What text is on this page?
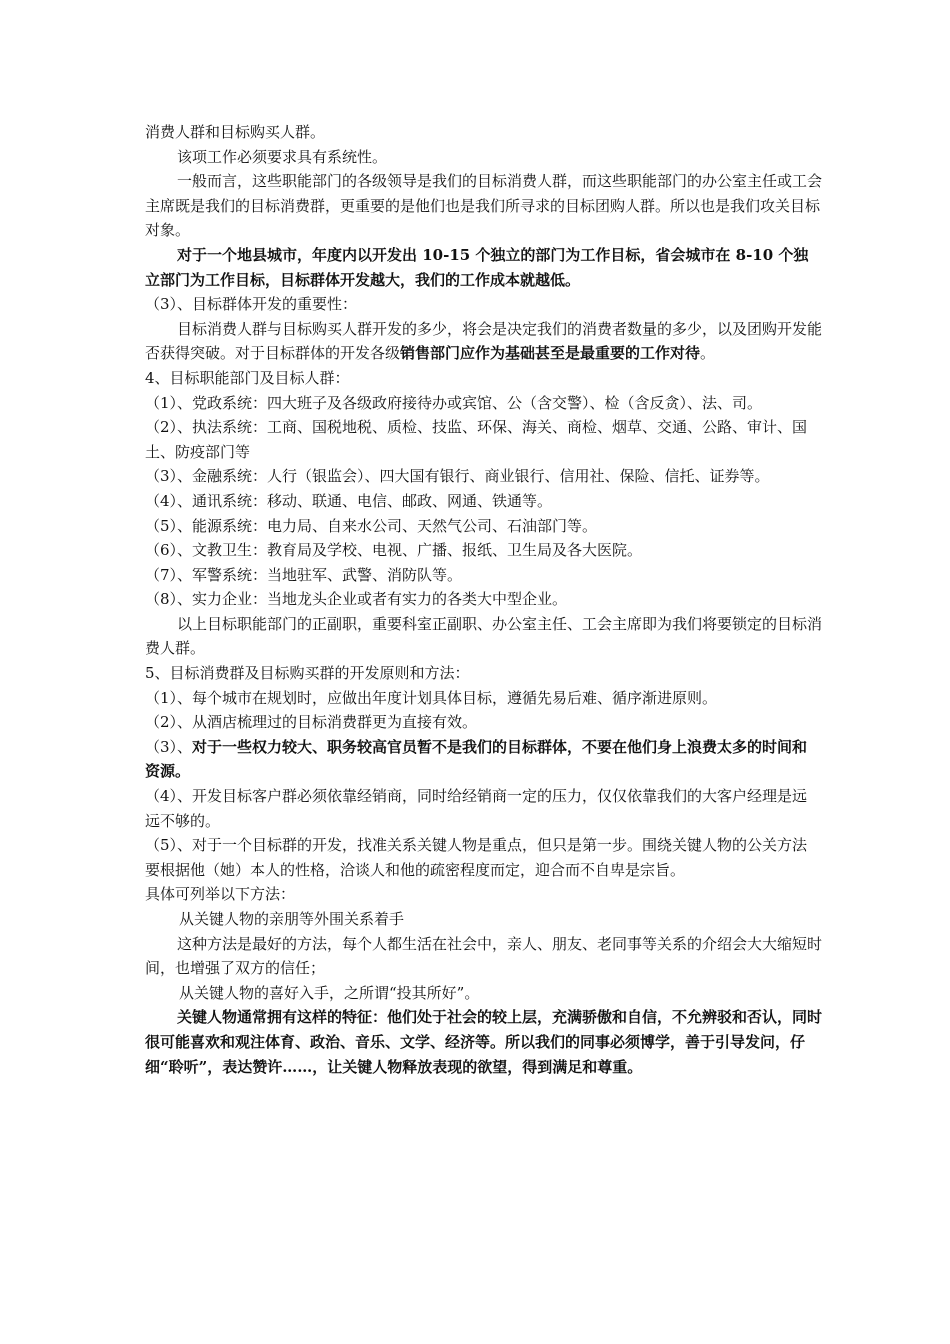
消费人群和目标购买人群。

该项工作必须要求具有系统性。

一般而言，这些职能部门的各级领导是我们的目标消费人群，而这些职能部门的办公室主任或工会主席既是我们的目标消费群，更重要的是他们也是我们所寻求的目标团购人群。所以也是我们攻关目标对象。

对于一个地县城市，年度内以开发出 10-15 个独立的部门为工作目标，省会城市在 8-10 个独立部门为工作目标，目标群体开发越大，我们的工作成本就越低。

（3）、目标群体开发的重要性：

目标消费人群与目标购买人群开发的多少，将会是决定我们的消费者数量的多少，以及团购开发能否获得突破。对于目标群体的开发各级销售部门应作为基础甚至是最重要的工作对待。

4、目标职能部门及目标人群：

（1）、党政系统：四大班子及各级政府接待办或宾馆、公（含交警）、检（含反贪）、法、司。

（2）、执法系统：工商、国税地税、质检、技监、环保、海关、商检、烟草、交通、公路、审计、国土、防疫部门等

（3）、金融系统：人行（银监会）、四大国有银行、商业银行、信用社、保险、信托、证券等。

（4）、通讯系统：移动、联通、电信、邮政、网通、铁通等。

（5）、能源系统：电力局、自来水公司、天然气公司、石油部门等。

（6）、文教卫生：教育局及学校、电视、广播、报纸、卫生局及各大医院。

（7）、军警系统：当地驻军、武警、消防队等。

（8）、实力企业：当地龙头企业或者有实力的各类大中型企业。

以上目标职能部门的正副职，重要科室正副职、办公室主任、工会主席即为我们将要锁定的目标消费人群。

5、目标消费群及目标购买群的开发原则和方法：

（1）、每个城市在规划时，应做出年度计划具体目标，遵循先易后难、循序渐进原则。

（2）、从酒店梳理过的目标消费群更为直接有效。

（3）、对于一些权力较大、职务较高官员暂不是我们的目标群体，不要在他们身上浪费太多的时间和资源。

（4）、开发目标客户群必须依靠经销商，同时给经销商一定的压力，仅仅依靠我们的大客户经理是远远不够的。

（5）、对于一个目标群的开发，找准关系关键人物是重点，但只是第一步。围绕关键人物的公关方法要根据他（她）本人的性格，洽谈人和他的疏密程度而定，迎合而不自卑是宗旨。

具体可列举以下方法：

从关键人物的亲朋等外围关系着手

这种方法是最好的方法，每个人都生活在社会中，亲人、朋友、老同事等关系的介绍会大大缩短时间，也增强了双方的信任；

从关键人物的喜好入手，之所谓“投其所好”。

关键人物通常拥有这样的特征：他们处于社会的较上层，充满骄傲和自信，不允辨驳和否认，同时很可能喜欢和观注体育、政治、音乐、文学、经济等。所以我们的同事必须博学，善于引导发问，仔细“聆听”，表达赞许……，让关键人物释放表现的欲望，得到满足和尊重。
